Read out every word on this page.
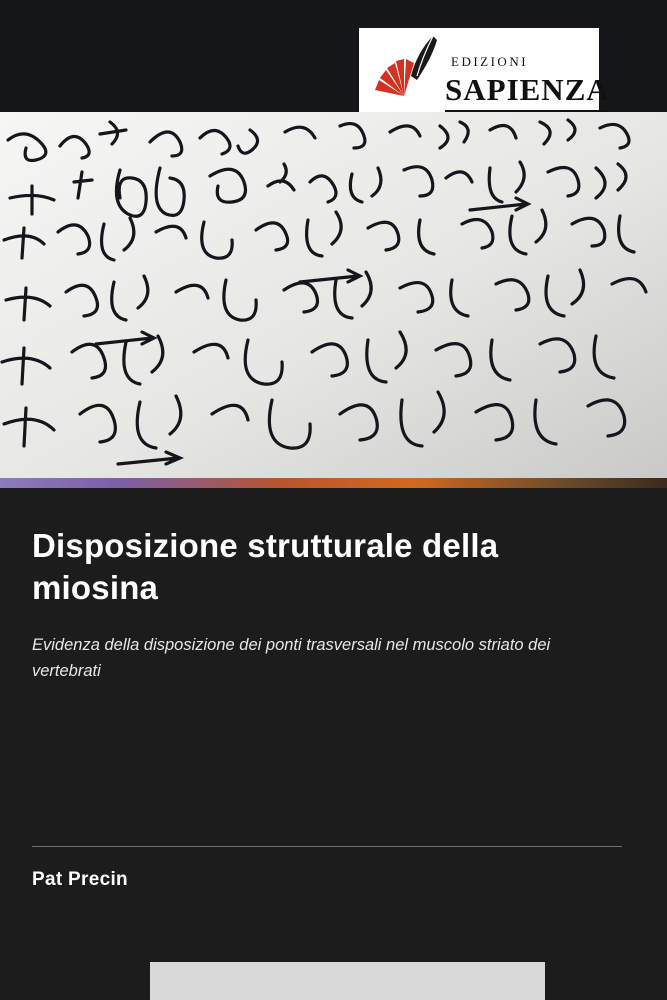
EDIZIONI
SAPIENZA
Disposizione strutturale della miosina
Evidenza della disposizione dei ponti trasversali nel muscolo striato dei vertebrati
Pat Precin
